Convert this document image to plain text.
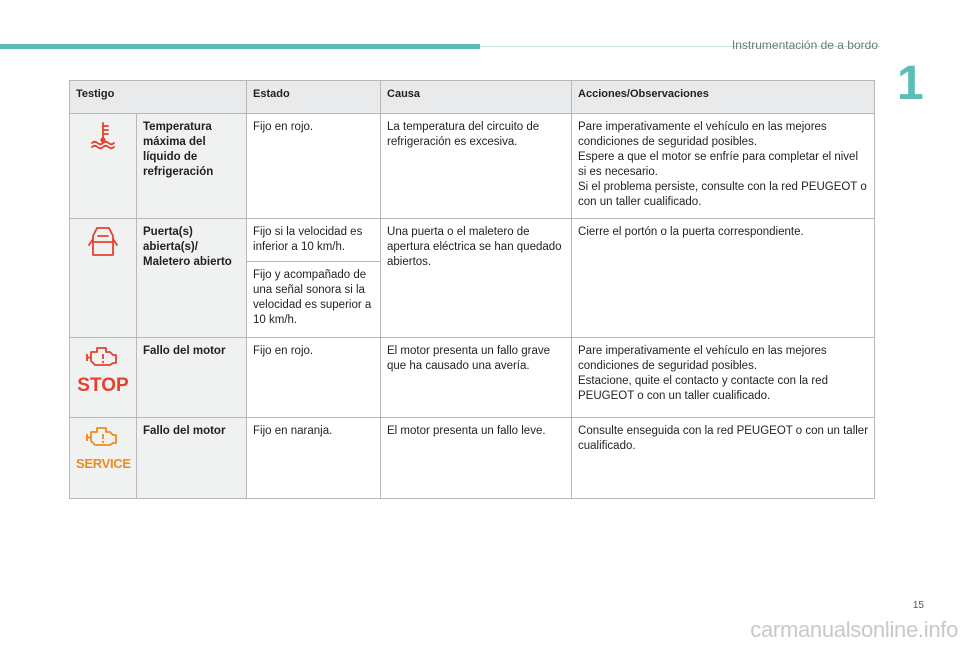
Instrumentación de a bordo
1
Testigo		Estado	Causa	Acciones/Observaciones
	Temperatura máxima del líquido de refrigeración	Fijo en rojo.	La temperatura del circuito de refrigeración es excesiva.	Pare imperativamente el vehículo en las mejores condiciones de seguridad posibles.
Espere a que el motor se enfríe para completar el nivel si es necesario.
Si el problema persiste, consulte con la red PEUGEOT o con un taller cualificado.

	Puerta(s) abierta(s)/ Maletero abierto	Fijo si la velocidad es inferior a 10 km/h.	Una puerta o el maletero de apertura eléctrica se han quedado abiertos.	Cierre el portón o la puerta correspondiente.

		Fijo y acompañado de una señal sonora si la velocidad es superior a 10 km/h.		

STOP	Fallo del motor	Fijo en rojo.	El motor presenta un fallo grave que ha causado una avería.	Pare imperativamente el vehículo en las mejores condiciones de seguridad posibles.
Estacione, quite el contacto y contacte con la red PEUGEOT o con un taller cualificado.

SERVICE	Fallo del motor	Fijo en naranja.	El motor presenta un fallo leve.	Consulte enseguida con la red PEUGEOT o con un taller cualificado.
15
carmanualsonline.info
